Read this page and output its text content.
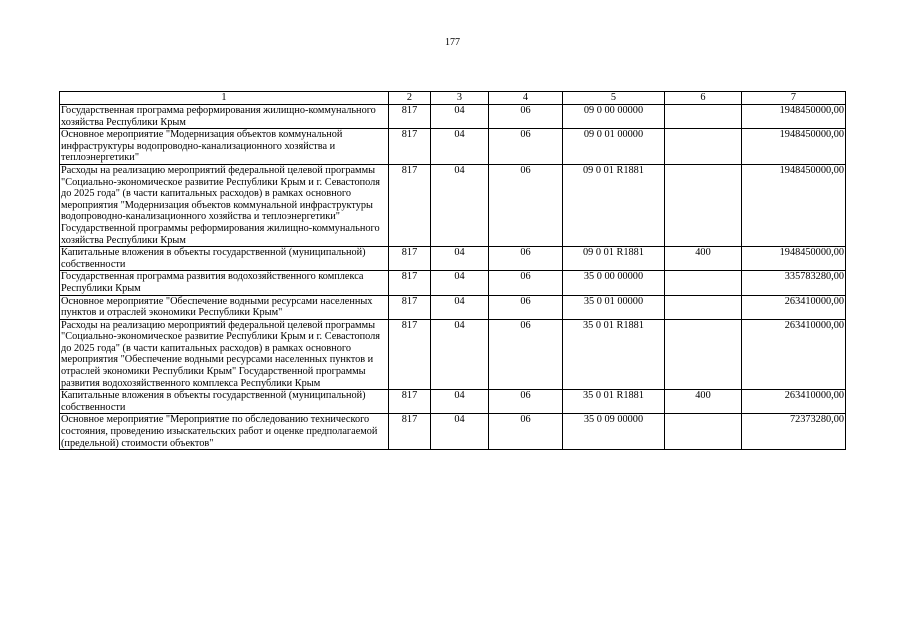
177
1	2	3	4	5	6	7
Государственная программа реформирования жилищно-коммунального хозяйства Республики Крым	817	04	06	09 0 00 00000		1948450000,00
Основное мероприятие "Модернизация объектов коммунальной инфраструктуры водопроводно-канализационного хозяйства и теплоэнергетики"	817	04	06	09 0 01 00000		1948450000,00
Расходы на реализацию мероприятий федеральной целевой программы "Социально-экономическое развитие Республики Крым и г. Севастополя до 2025 года" (в части капитальных расходов) в рамках основного мероприятия "Модернизация объектов коммунальной инфраструктуры водопроводно-канализационного хозяйства и теплоэнергетики" Государственной программы реформирования жилищно-коммунального хозяйства Республики Крым	817	04	06	09 0 01 R1881		1948450000,00
Капитальные вложения в объекты государственной (муниципальной) собственности	817	04	06	09 0 01 R1881	400	1948450000,00
Государственная программа развития водохозяйственного комплекса Республики Крым	817	04	06	35 0 00 00000		335783280,00
Основное мероприятие "Обеспечение водными ресурсами населенных пунктов и отраслей экономики Республики Крым"	817	04	06	35 0 01 00000		263410000,00
Расходы на реализацию мероприятий федеральной целевой программы "Социально-экономическое развитие Республики Крым и г. Севастополя до 2025 года" (в части капитальных расходов) в рамках основного мероприятия "Обеспечение водными ресурсами населенных пунктов и отраслей экономики Республики Крым" Государственной программы развития водохозяйственного комплекса Республики Крым	817	04	06	35 0 01 R1881		263410000,00
Капитальные вложения в объекты государственной (муниципальной) собственности	817	04	06	35 0 01 R1881	400	263410000,00
Основное мероприятие "Мероприятие по обследованию технического состояния, проведению изыскательских работ и оценке предполагаемой (предельной) стоимости объектов"	817	04	06	35 0 09 00000		72373280,00
